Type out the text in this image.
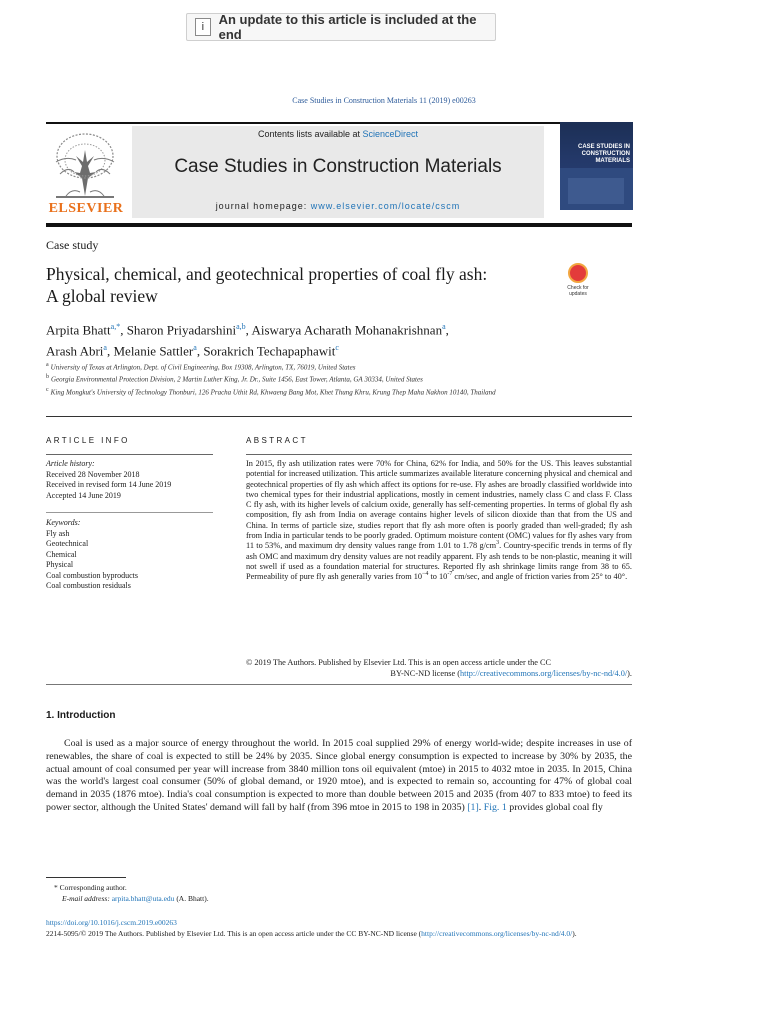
i	An update to this article is included at the end
Case Studies in Construction Materials 11 (2019) e00263
ELSEVIER
Contents lists available at ScienceDirect
Case Studies in Construction Materials
journal homepage: www.elsevier.com/locate/cscm
CASE STUDIES IN CONSTRUCTION MATERIALS
Case study
Physical, chemical, and geotechnical properties of coal fly ash:
A global review	Check for updates
Arpita Bhatt$^{a,*}$, Sharon Priyadarshini$^{a,b}$, Aiswarya Acharath Mohanakrishnan$^a$,
Arash Abri$^a$, Melanie Sattler$^a$, Sorakrich Techapaphawit$^c$
a University of Texas at Arlington, Dept. of Civil Engineering, Box 19308, Arlington, TX, 76019, United States
b Georgia Environmental Protection Division, 2 Martin Luther King, Jr. Dr., Suite 1456, East Tower, Atlanta, GA 30334, United States
c King Mongkut's University of Technology Thonburi, 126 Pracha Uthit Rd, Khwaeng Bang Mot, Khet Thung Khru, Krung Thep Maha Nakhon 10140, Thailand
ARTICLE INFO
Article history:
Received 28 November 2018
Received in revised form 14 June 2019
Accepted 14 June 2019
Keywords:
Fly ash
Geotechnical
Chemical
Physical
Coal combustion byproducts
Coal combustion residuals
ABSTRACT
In 2015, fly ash utilization rates were 70% for China, 62% for India, and 50% for the US. This leaves substantial potential for increased utilization. This article summarizes available literature concerning physical and chemical and geotechnical properties of fly ash which affect its options for re-use. Fly ashes are broadly classified worldwide into two chemical types for their industrial applications, mostly in cement industries, namely class C and class F. Class C fly ash, with its higher levels of calcium oxide, generally has self-cementing properties. In terms of global fly ash composition, fly ash from India on average contains higher levels of silicon dioxide than that from the US and China. In terms of particle size, studies report that fly ash more often is poorly graded than well-graded; fly ash from India in particular tends to be poorly graded. Optimum moisture content (OMC) values for fly ashes vary from 11 to 53%, and maximum dry density values range from 1.01 to 1.78 $g/cm^3$. Country-specific trends in terms of fly ash OMC and maximum dry density values are not readily apparent. Fly ash tends to be non-plastic, meaning it will not swell if used as a foundation material for structures. Reported fly ash shrinkage limits range from 38 to 65. Permeability of pure fly ash generally varies from $10^{-4}$ to $10^{-7}$ cm/sec, and angle of friction varies from 25° to 40°.
© 2019 The Authors. Published by Elsevier Ltd. This is an open access article under the CC
BY-NC-ND license (http://creativecommons.org/licenses/by-nc-nd/4.0/).
1. Introduction
Coal is used as a major source of energy throughout the world. In 2015 coal supplied 29% of energy world-wide; despite increases in use of renewables, the share of coal is expected to still be 24% by 2035. Since global energy consumption is expected to increase by 30% by 2035, the actual amount of coal consumed per year will increase from 3840 million tons oil equivalent (mtoe) in 2015 to 4032 mtoe in 2035. In 2015, China was the world's largest coal consumer (50% of global demand, or 1920 mtoe), and is expected to remain so, accounting for 47% of global coal demand in 2035 (1876 mtoe). India's coal consumption is expected to more than double between 2015 and 2035 (from 407 to 833 mtoe) to feed its power sector, although the United States' demand will fall by half (from 396 mtoe in 2015 to 198 in 2035) [1]. Fig. 1 provides global coal fly
* Corresponding author.
E-mail address: arpita.bhatt@uta.edu (A. Bhatt).
https://doi.org/10.1016/j.cscm.2019.e00263
2214-5095/© 2019 The Authors. Published by Elsevier Ltd. This is an open access article under the CC BY-NC-ND license (http://creativecommons.org/licenses/by-nc-nd/4.0/).
